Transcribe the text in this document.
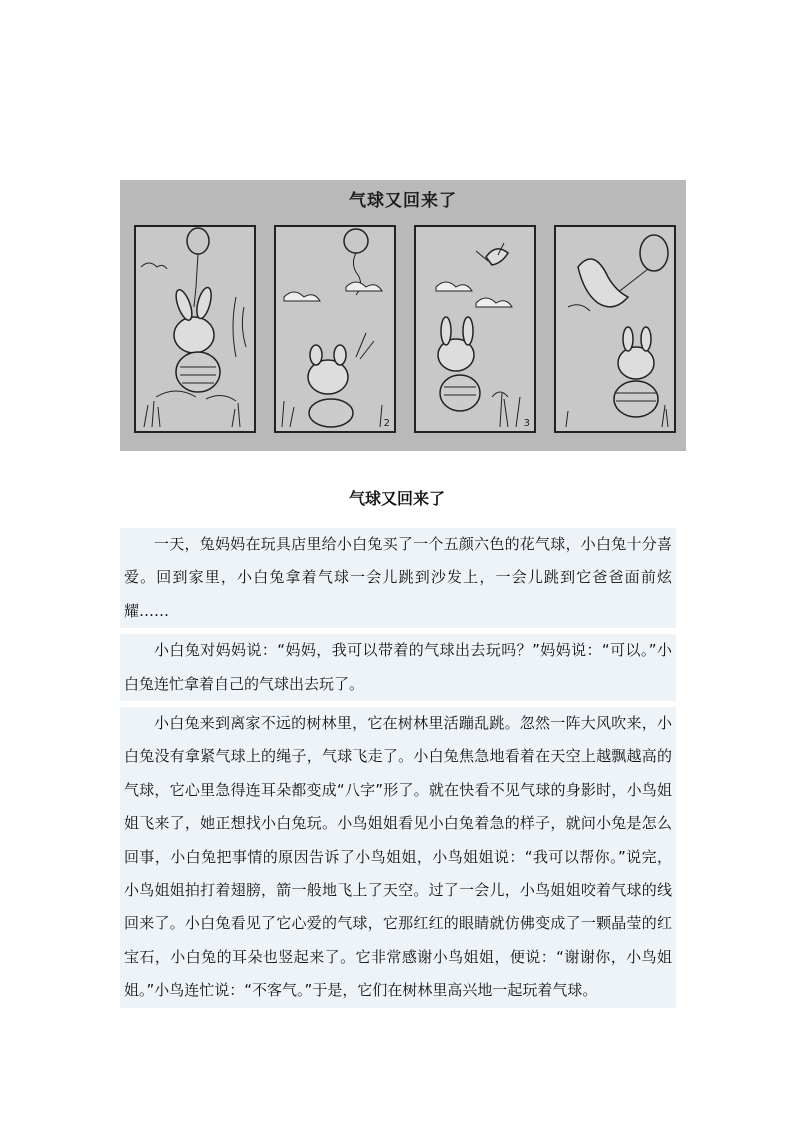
气球又回来了
2	3
气球又回来了

一天，兔妈妈在玩具店里给小白兔买了一个五颜六色的花气球，小白兔十分喜爱。回到家里，小白兔拿着气球一会儿跳到沙发上，一会儿跳到它爸爸面前炫耀……

小白兔对妈妈说：“妈妈，我可以带着的气球出去玩吗？”妈妈说：“可以。”小白兔连忙拿着自己的气球出去玩了。

小白兔来到离家不远的树林里，它在树林里活蹦乱跳。忽然一阵大风吹来，小白兔没有拿紧气球上的绳子，气球飞走了。小白兔焦急地看着在天空上越飘越高的气球，它心里急得连耳朵都变成“八字”形了。就在快看不见气球的身影时，小鸟姐姐飞来了，她正想找小白兔玩。小鸟姐姐看见小白兔着急的样子，就问小兔是怎么回事，小白兔把事情的原因告诉了小鸟姐姐，小鸟姐姐说：“我可以帮你。”说完，小鸟姐姐拍打着翅膀，箭一般地飞上了天空。过了一会儿，小鸟姐姐咬着气球的线回来了。小白兔看见了它心爱的气球，它那红红的眼睛就仿佛变成了一颗晶莹的红宝石，小白兔的耳朵也竖起来了。它非常感谢小鸟姐姐，便说：“谢谢你，小鸟姐姐。”小鸟连忙说：“不客气。”于是，它们在树林里高兴地一起玩着气球。
